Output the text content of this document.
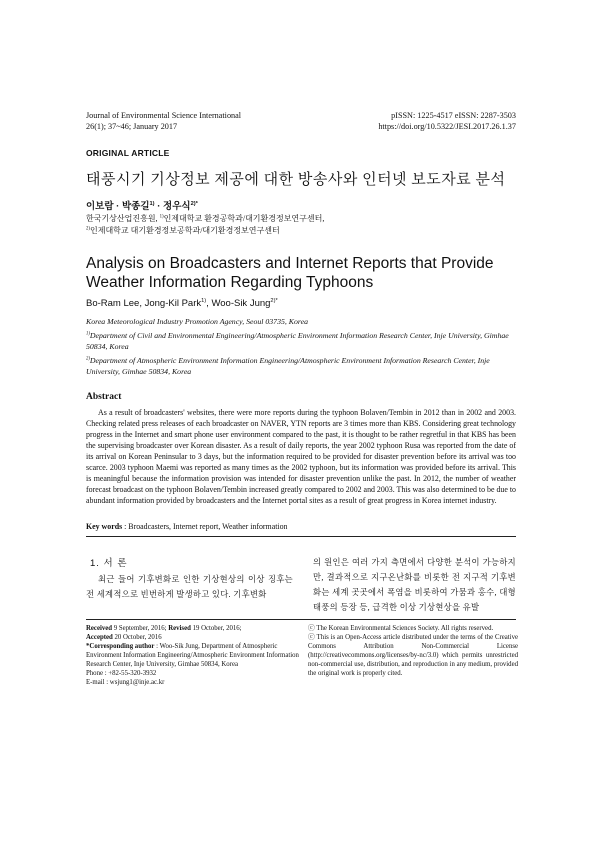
Journal of Environmental Science International
26(1); 37~46; January 2017
pISSN: 1225-4517 eISSN: 2287-3503
https://doi.org/10.5322/JESI.2017.26.1.37
ORIGINAL ARTICLE
태풍시기 기상정보 제공에 대한 방송사와 인터넷 보도자료 분석
이보람 · 박종길$^{1)}$ · 정우식$^{2)*}$
한국기상산업진흥원, $^{1)}$인제대학교 환경공학과/대기환경정보연구센터,
$^{2)}$인제대학교 대기환경정보공학과/대기환경정보연구센터
Analysis on Broadcasters and Internet Reports that Provide Weather Information Regarding Typhoons
Bo-Ram Lee, Jong-Kil Park$^{1)}$, Woo-Sik Jung$^{2)*}$
Korea Meteorological Industry Promotion Agency, Seoul 03735, Korea
$^{1)}$Department of Civil and Environmental Engineering/Atmospheric Environment Information Research Center, Inje University, Gimhae 50834, Korea
$^{2)}$Department of Atmospheric Environment Information Engineering/Atmospheric Environment Information Research Center, Inje University, Gimhae 50834, Korea
Abstract
As a result of broadcasters' websites, there were more reports during the typhoon Bolaven/Tembin in 2012 than in 2002 and 2003. Checking related press releases of each broadcaster on NAVER, YTN reports are 3 times more than KBS. Considering great technology progress in the Internet and smart phone user environment compared to the past, it is thought to be rather regretful in that KBS has been the supervising broadcaster over Korean disaster. As a result of daily reports, the year 2002 typhoon Rusa was reported from the date of its arrival on Korean Peninsular to 3 days, but the information required to be provided for disaster prevention before its arrival was too scarce. 2003 typhoon Maemi was reported as many times as the 2002 typhoon, but its information was provided before its arrival. This is meaningful because the information provision was intended for disaster prevention unlike the past. In 2012, the number of weather forecast broadcast on the typhoon Bolaven/Tembin increased greatly compared to 2002 and 2003. This was also determined to be due to abundant information provided by broadcasters and the Internet portal sites as a result of great progress in Korea internet industry.
Key words : Broadcasters, Internet report, Weather information
1. 서 론
최근 들어 기후변화로 인한 기상현상의 이상 징후는 전 세계적으로 빈번하게 발생하고 있다. 기후변화
의 원인은 여러 가지 측면에서 다양한 분석이 가능하지만, 결과적으로 지구온난화를 비롯한 전 지구적 기후변화는 세계 곳곳에서 폭염을 비롯하여 가뭄과 홍수, 대형태풍의 등장 등, 급격한 이상 기상현상을 유발
Received 9 September, 2016; Revised 19 October, 2016;
Accepted 20 October, 2016
*Corresponding author : Woo-Sik Jung, Department of Atmospheric Environment Information Engineering/Atmospheric Environment Information Research Center, Inje University, Gimhae 50834, Korea
Phone : +82-55-320-3932
E-mail : wsjung1@inje.ac.kr
ⓒ The Korean Environmental Sciences Society. All rights reserved.
ⓒ This is an Open-Access article distributed under the terms of the Creative Commons Attribution Non-Commercial License (http://creativecommons.org/licenses/by-nc/3.0) which permits unrestricted non-commercial use, distribution, and reproduction in any medium, provided the original work is properly cited.
